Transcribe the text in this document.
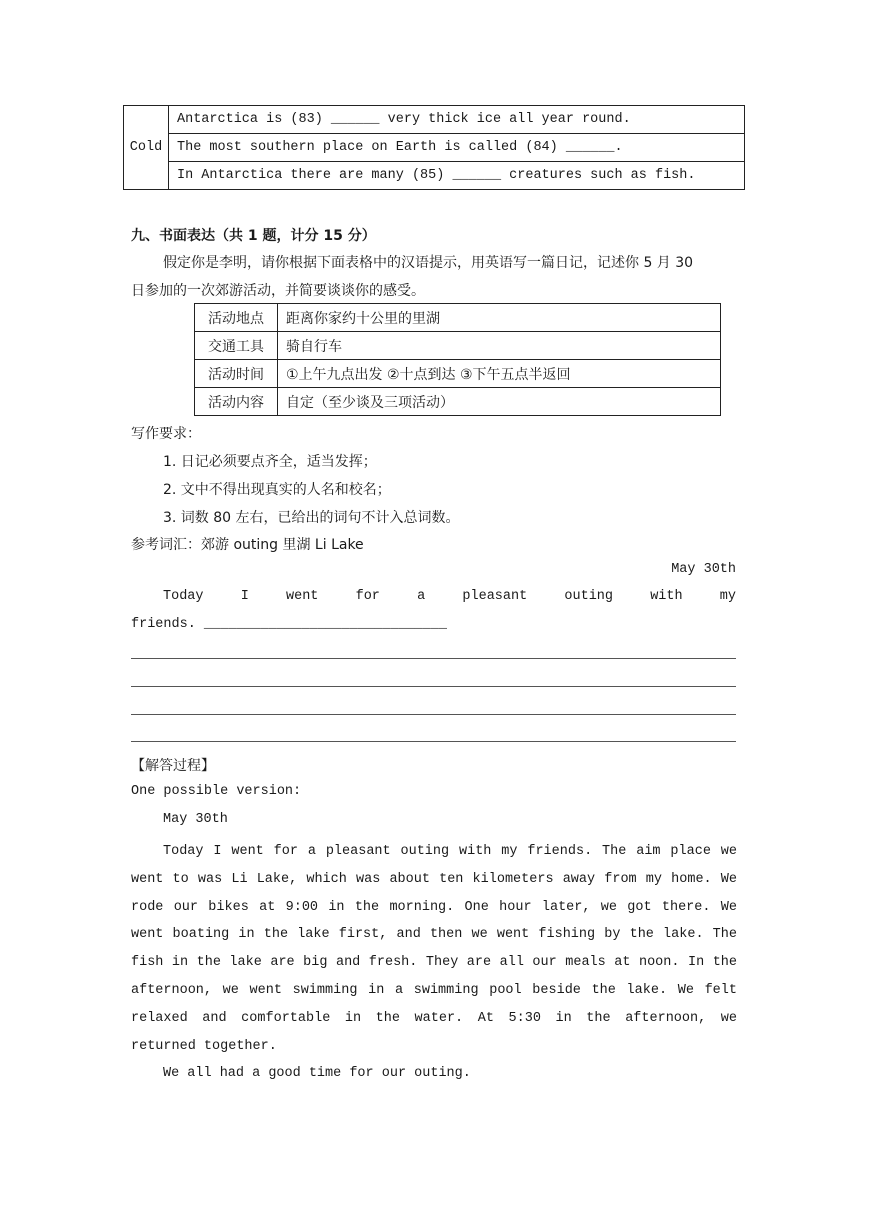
Cold	Antarctica is (83) ______ very thick ice all year round.
The most southern place on Earth is called (84) ______.
In Antarctica there are many (85) ______ creatures such as fish.
九、书面表达（共 1 题，计分 15 分）
假定你是李明，请你根据下面表格中的汉语提示，用英语写一篇日记，记述你 5 月 30
日参加的一次郊游活动，并简要谈谈你的感受。
活动地点	距离你家约十公里的里湖
交通工具	骑自行车
活动时间	①上午九点出发 ②十点到达 ③下午五点半返回
活动内容	自定（至少谈及三项活动）
写作要求：
1. 日记必须要点齐全，适当发挥；
2. 文中不得出现真实的人名和校名；
3. 词数 80 左右，已给出的词句不计入总词数。
参考词汇：郊游 outing 里湖 Li Lake
May 30th
Today	I	went	for	a	pleasant	outing	with	my
friends. ______________________________
【解答过程】
One possible version:
May 30th
Today I went for a pleasant outing with my friends. The aim place we went to was Li Lake, which was about ten kilometers away from my home. We rode our bikes at 9:00 in the morning. One hour later, we got there. We went boating in the lake first, and then we went fishing by the lake. The fish in the lake are big and fresh. They are all our meals at noon. In the afternoon, we went swimming in a swimming pool beside the lake. We felt relaxed and comfortable in the water. At 5:30 in the afternoon, we returned together.
We all had a good time for our outing.
